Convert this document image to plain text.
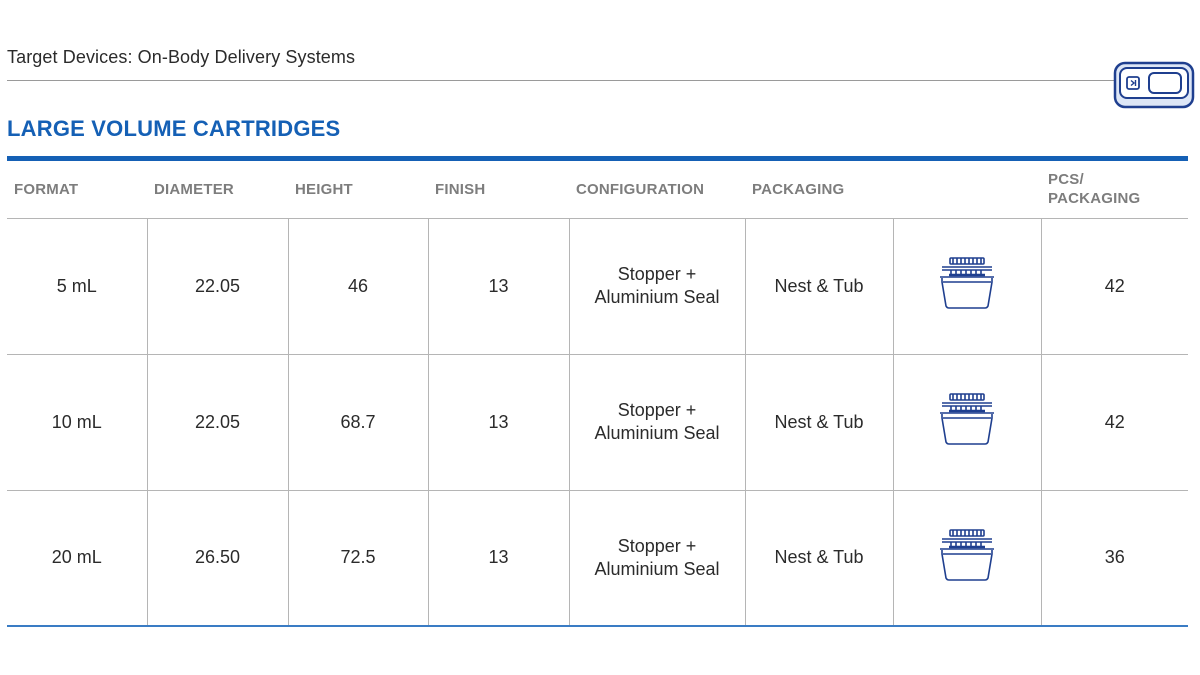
Target Devices: On-Body Delivery Systems
LARGE VOLUME CARTRIDGES
FORMAT	DIAMETER	HEIGHT	FINISH	CONFIGURATION	PACKAGING		PCS/
PACKAGING
5 mL	22.05	46	13	Stopper +
Aluminium Seal	Nest & Tub		42
10 mL	22.05	68.7	13	Stopper +
Aluminium Seal	Nest & Tub		42
20 mL	26.50	72.5	13	Stopper +
Aluminium Seal	Nest & Tub		36
